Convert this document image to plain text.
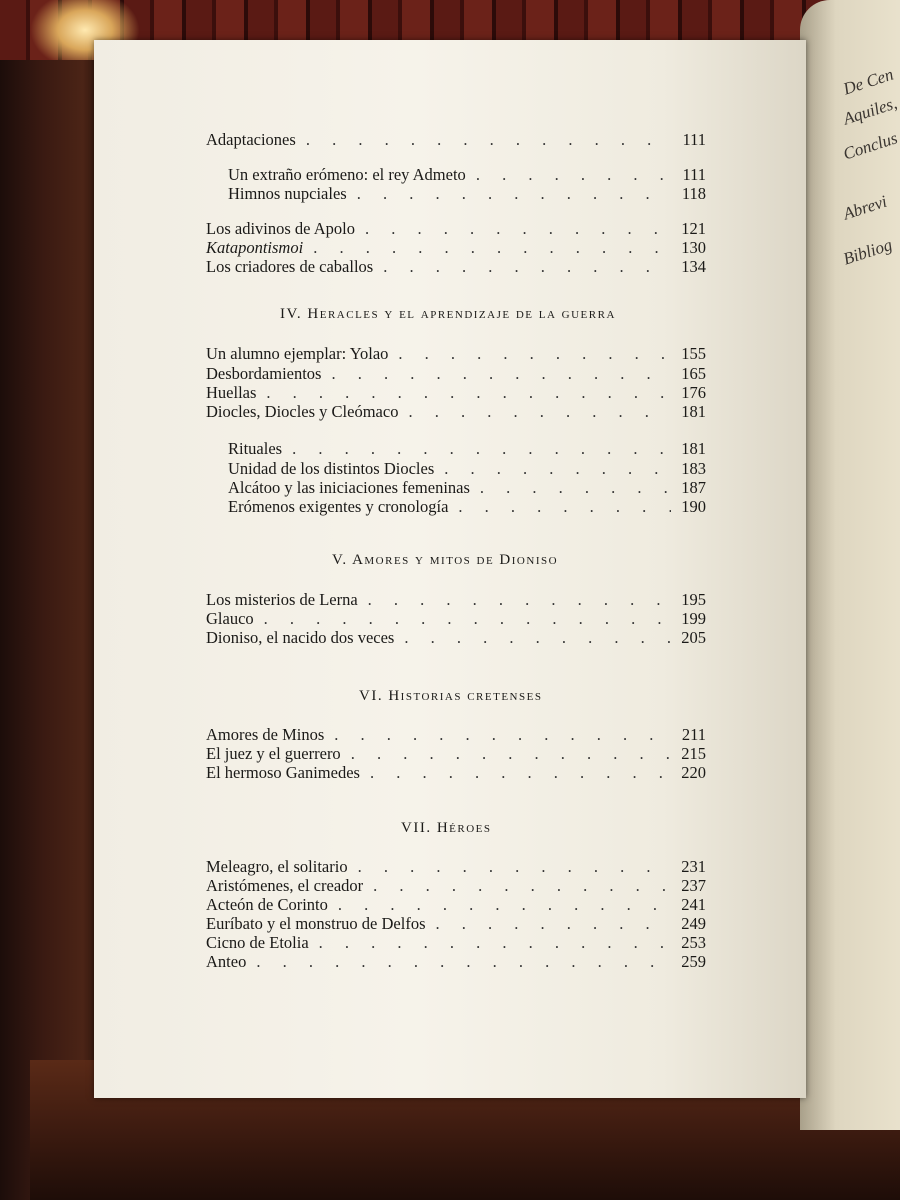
De Cen
Aquiles,
Conclus
Abrevi
Bibliog
Adaptaciones . . .	111
Un extraño erómeno: el rey Admeto . . .	111
Himnos nupciales . . .	118
Los adivinos de Apolo . . .	121
Katapontismoi . . .	130
Los criadores de caballos . . .	134
IV. Heracles y el aprendizaje de la guerra
Un alumno ejemplar: Yolao . . .	155
Desbordamientos . . .	165
Huellas . . .	176
Diocles, Diocles y Cleómaco . . .	181
Rituales . . .	181
Unidad de los distintos Diocles . . .	183
Alcátoo y las iniciaciones femeninas . . .	187
Erómenos exigentes y cronología . . .	190
V. Amores y mitos de Dioniso
Los misterios de Lerna . . .	195
Glauco . . .	199
Dioniso, el nacido dos veces . . .	205
VI. Historias cretenses
Amores de Minos . . .	211
El juez y el guerrero . . .	215
El hermoso Ganimedes . . .	220
VII. Héroes
Meleagro, el solitario . . .	231
Aristómenes, el creador . . .	237
Acteón de Corinto . . .	241
Euríbato y el monstruo de Delfos . . .	249
Cicno de Etolia . . .	253
Anteo . . .	259
